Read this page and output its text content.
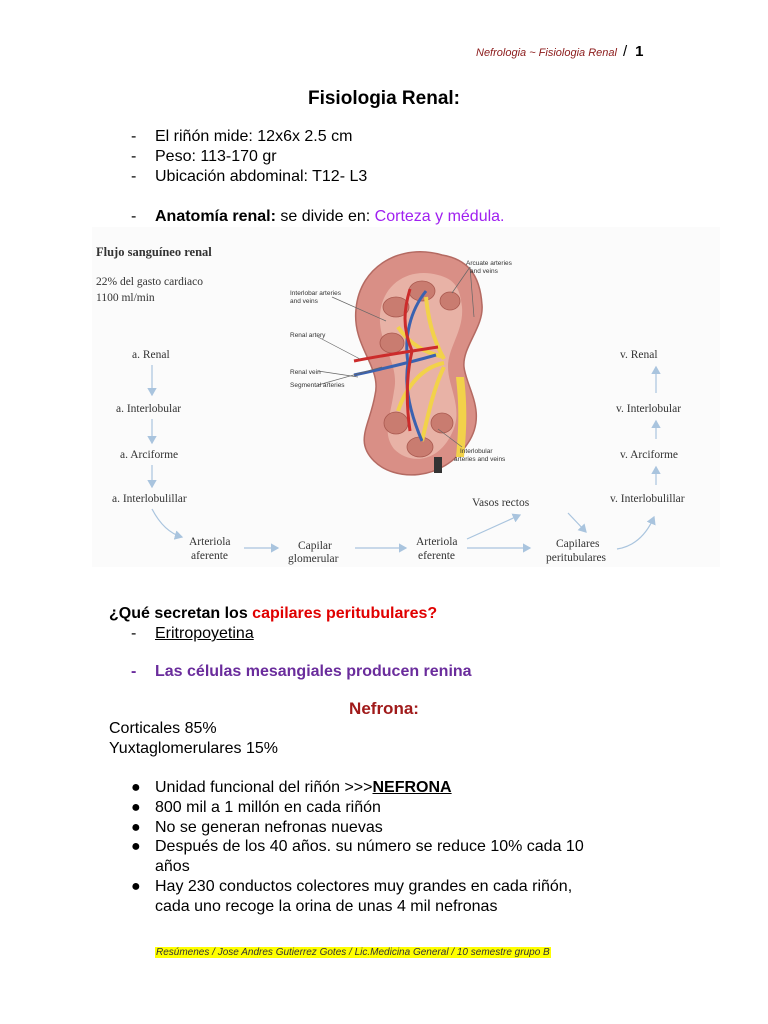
Nefrologia ~ Fisiologia Renal / 1
Fisiologia Renal:
- El riñón mide: 12x6x 2.5 cm
- Peso: 113-170 gr
- Ubicación abdominal: T12- L3
- Anatomía renal: se divide en: Corteza y médula.
Flujo sanguíneo renal
22% del gasto cardiaco
1100 ml/min
a. Renal
a. Interlobular
a. Arciforme
a. Interlobulillar
v. Renal
v. Interlobular
v. Arciforme
v. Interlobulillar
Arteriola
aferente
Capilar
glomerular
Arteriola
eferente
Vasos rectos
Capilares
peritubulares
Arcuate arteries
and veins
Interlobar arteries
and veins
Renal artery
Renal vein
Segmental arteries
Interlobular
arteries and veins
¿Qué secretan los capilares peritubulares?
- Eritropoyetina
- Las células mesangiales producen renina
Nefrona:
Corticales 85%
Yuxtaglomerulares 15%
● Unidad funcional del riñón >>>NEFRONA
● 800 mil a 1 millón en cada riñón
● No se generan nefronas nuevas
● Después de los 40 años. su número se reduce 10% cada 10
años
● Hay 230 conductos colectores muy grandes en cada riñón,
cada uno recoge la orina de unas 4 mil nefronas
Resúmenes / Jose Andres Gutierrez Gotes / Lic.Medicina General / 10 semestre grupo B
